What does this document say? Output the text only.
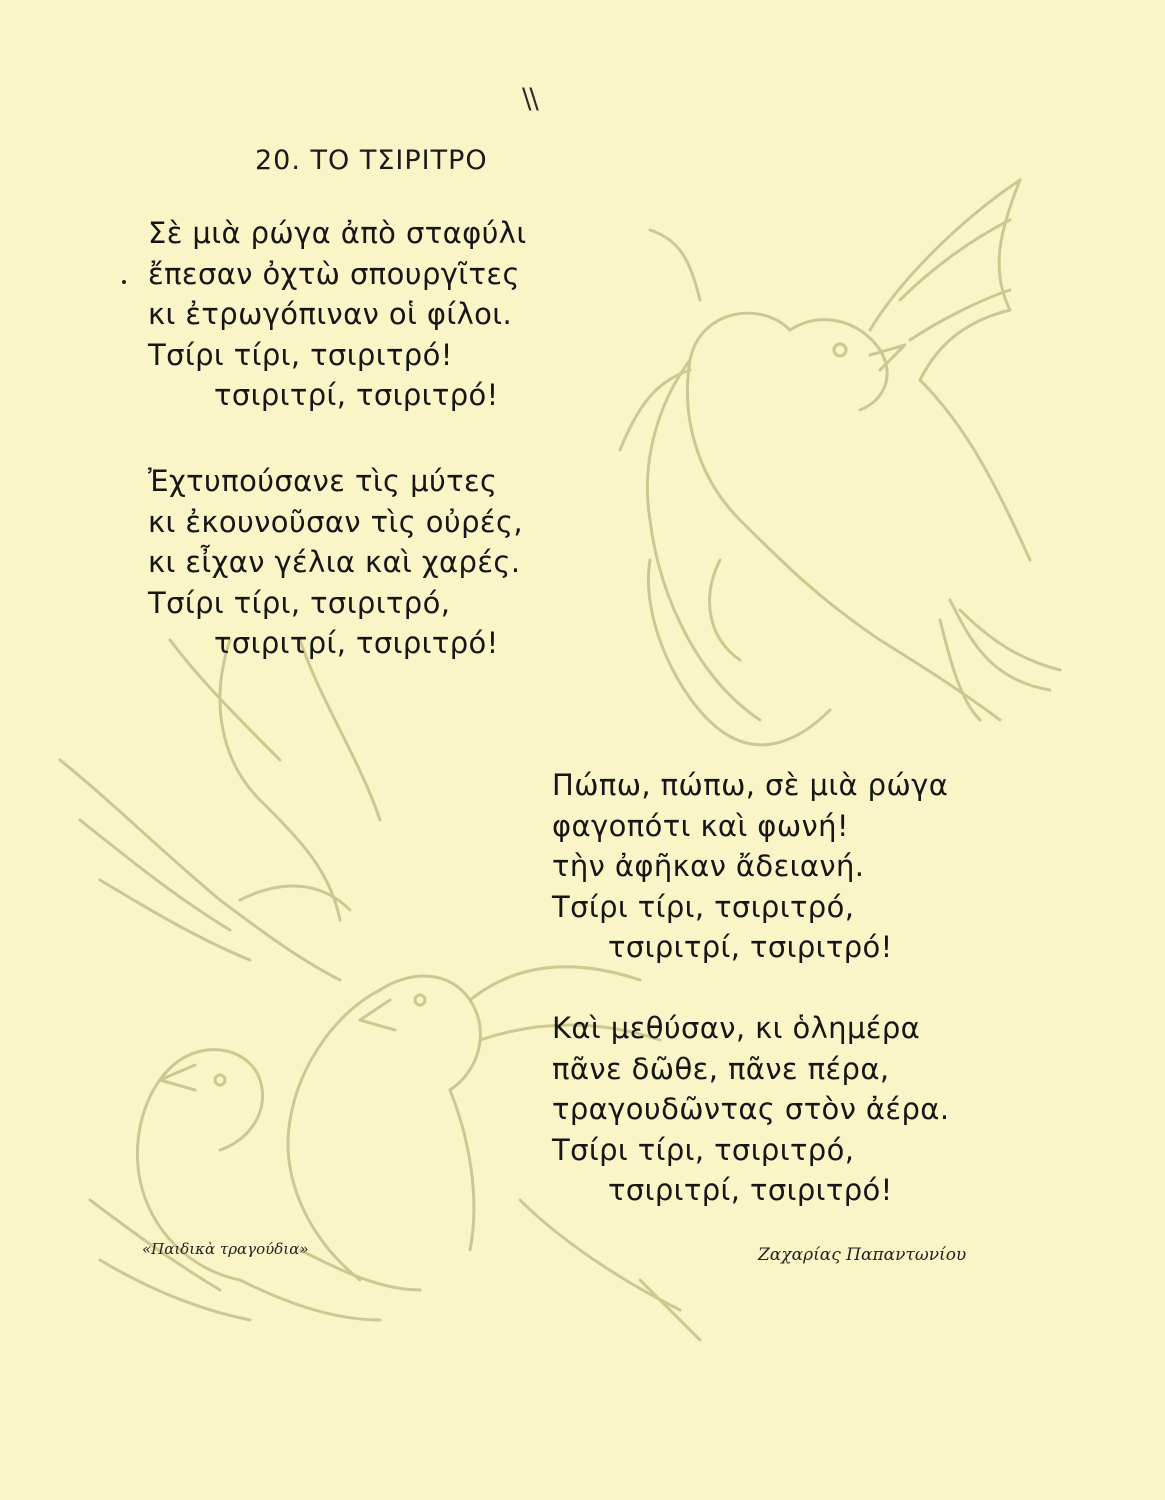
\\
20. ΤΟ ΤΣΙΡΙΤΡΟ
Σὲ μιὰ ρώγα ἀπὸ σταφύλι
ἔπεσαν ὀχτὼ σπουργῖτες
κι ἐτρωγόπιναν οἱ φίλοι.
Τσίρι τίρι, τσιριτρό!
τσιριτρί, τσιριτρό!
Ἐχτυπούσανε τὶς μύτες
κι ἐκουνοῦσαν τὶς οὐρές,
κι εἶχαν γέλια καὶ χαρές.
Τσίρι τίρι, τσιριτρό,
τσιριτρί, τσιριτρό!
Πώπω, πώπω, σὲ μιὰ ρώγα
φαγοπότι καὶ φωνή!
τὴν ἀφῆκαν ἄδειανή.
Τσίρι τίρι, τσιριτρό,
τσιριτρί, τσιριτρό!
Καὶ μεθύσαν, κι ὁλημέρα
πᾶνε δῶθε, πᾶνε πέρα,
τραγουδῶντας στὸν ἀέρα.
Τσίρι τίρι, τσιριτρό,
τσιριτρί, τσιριτρό!
«Παιδικὰ τραγούδια»	Ζαχαρίας Παπαντωνίου
